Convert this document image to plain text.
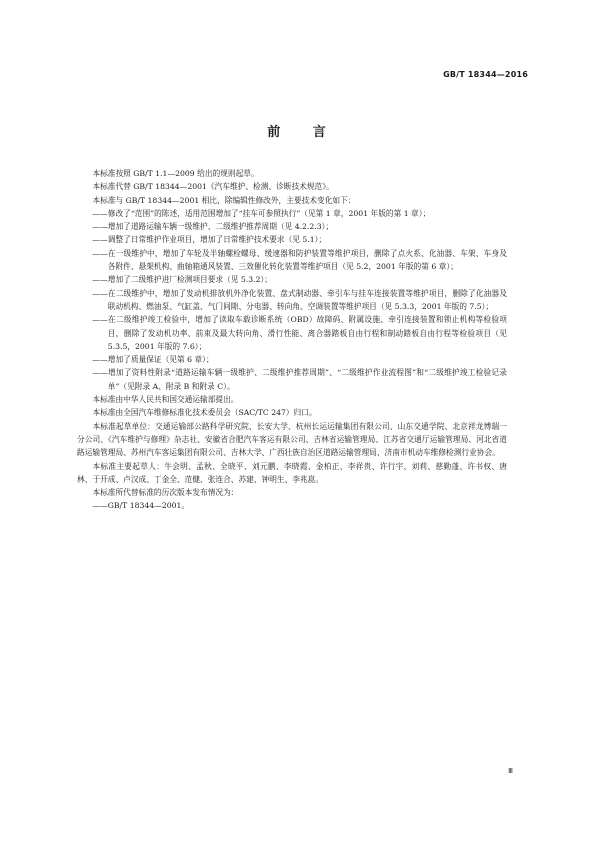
GB/T 18344—2016
前 言

本标准按照 GB/T 1.1—2009 给出的规则起草。

本标准代替 GB/T 18344—2001《汽车维护、检测、诊断技术规范》。

本标准与 GB/T 18344—2001 相比，除编辑性修改外，主要技术变化如下：

——修改了“范围”的陈述，适用范围增加了“挂车可参照执行”（见第 1 章，2001 年版的第 1 章）；

——增加了道路运输车辆一级维护、二级维护推荐周期（见 4.2.2.3）；

——调整了日常维护作业项目，增加了日常维护技术要求（见 5.1）；

——在一级维护中，增加了车轮及半轴螺栓螺母、缓速器和防护装置等维护项目，删除了点火系、化油器、车架、车身及各附件、悬架机构、曲轴箱通风装置、三效催化转化装置等维护项目（见 5.2，2001 年版的第 6 章）；

——增加了二级维护进厂检测项目要求（见 5.3.2）；

——在二级维护中，增加了发动机排放机外净化装置、盘式制动器、牵引车与挂车连接装置等维护项目，删除了化油器及联动机构、燃油泵、气缸盖、气门间隙、分电器、转向角、空调装置等维护项目（见 5.3.3，2001 年版的 7.5）；

——在二级维护竣工检验中，增加了读取车载诊断系统（OBD）故障码、附属设施、牵引连接装置和锁止机构等检验项目，删除了发动机功率、前束及最大转向角、滑行性能、离合器踏板自由行程和制动踏板自由行程等检验项目（见 5.3.5，2001 年版的 7.6）；

——增加了质量保证（见第 6 章）；

——增加了资料性附录“道路运输车辆一级维护、二级维护推荐周期”、“二级维护作业流程图”和“二级维护竣工检验记录单”（见附录 A、附录 B 和附录 C）。

本标准由中华人民共和国交通运输部提出。

本标准由全国汽车维修标准化技术委员会（SAC/TC 247）归口。

本标准起草单位：交通运输部公路科学研究院、长安大学、杭州长运运输集团有限公司、山东交通学院、北京祥龙博瑞一分公司、《汽车维护与修理》杂志社、安徽省合肥汽车客运有限公司、吉林省运输管理局、江苏省交通厅运输管理局、河北省道路运输管理局、苏州汽车客运集团有限公司、吉林大学、广西壮族自治区道路运输管理局、济南市机动车维修检测行业协会。

本标准主要起草人：牛会明、孟秋、全晓平、刘元鹏、李晓霞、金柏正、李祥贵、许行宇、刘莉、慈勤蓬、许书权、唐林、于开成、卢汉成、丁金全、范健、张连合、苏建、钟明生、李兆崑。

本标准所代替标准的历次版本发布情况为：

——GB/T 18344—2001。

Ⅲ
